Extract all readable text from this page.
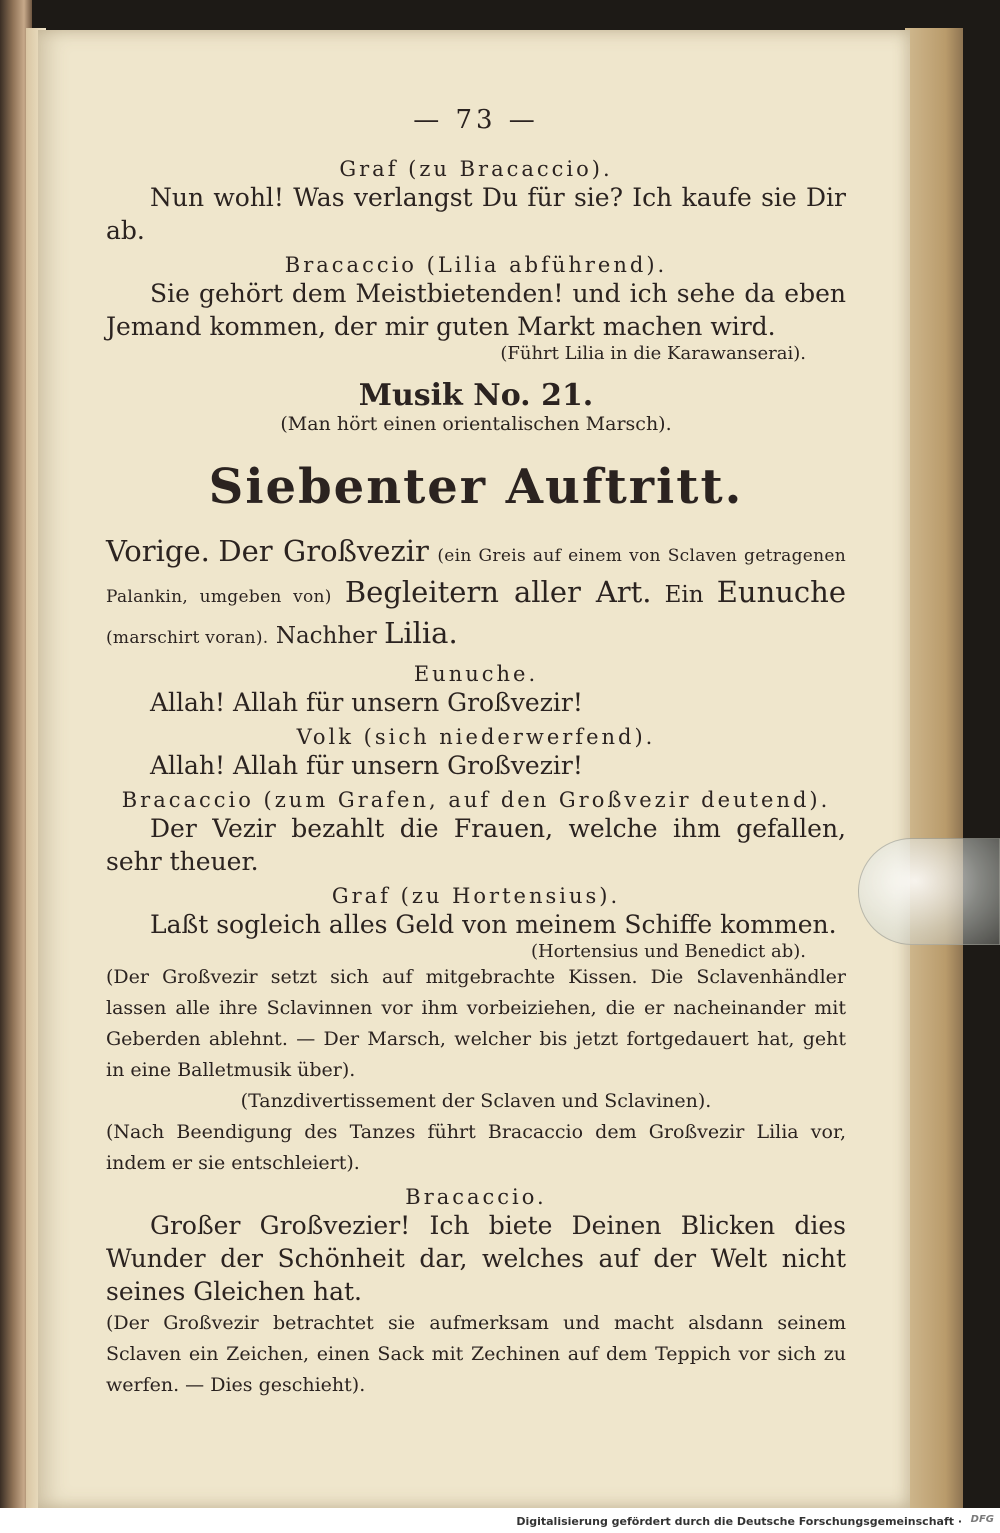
— 73 —

Graf (zu Bracaccio).

Nun wohl! Was verlangst Du für sie? Ich kaufe sie Dir ab.

Bracaccio (Lilia abführend).

Sie gehört dem Meistbietenden! und ich sehe da eben Jemand kommen, der mir guten Markt machen wird.

(Führt Lilia in die Karawanserai).

Musik No. 21.

(Man hört einen orientalischen Marsch).

Siebenter Auftritt.

Vorige. Der Großvezir (ein Greis auf einem von Sclaven getragenen Palankin, umgeben von) Begleitern aller Art. Ein Eunuche (marschirt voran). Nachher Lilia.

Eunuche.

Allah! Allah für unsern Großvezir!

Volk (sich niederwerfend).

Allah! Allah für unsern Großvezir!

Bracaccio (zum Grafen, auf den Großvezir deutend).

Der Vezir bezahlt die Frauen, welche ihm gefallen, sehr theuer.

Graf (zu Hortensius).

Laßt sogleich alles Geld von meinem Schiffe kommen.

(Hortensius und Benedict ab).

(Der Großvezir setzt sich auf mitgebrachte Kissen. Die Sclavenhändler lassen alle ihre Sclavinnen vor ihm vorbeiziehen, die er nacheinander mit Geberden ablehnt. — Der Marsch, welcher bis jetzt fortgedauert hat, geht in eine Balletmusik über).

(Tanzdivertissement der Sclaven und Sclavinen).

(Nach Beendigung des Tanzes führt Bracaccio dem Großvezir Lilia vor, indem er sie entschleiert).

Bracaccio.

Großer Großvezier! Ich biete Deinen Blicken dies Wunder der Schönheit dar, welches auf der Welt nicht seines Gleichen hat.

(Der Großvezir betrachtet sie aufmerksam und macht alsdann seinem Sclaven ein Zeichen, einen Sack mit Zechinen auf dem Teppich vor sich zu werfen. — Dies geschieht).

Digitalisierung gefördert durch die Deutsche Forschungsgemeinschaft · DFG
